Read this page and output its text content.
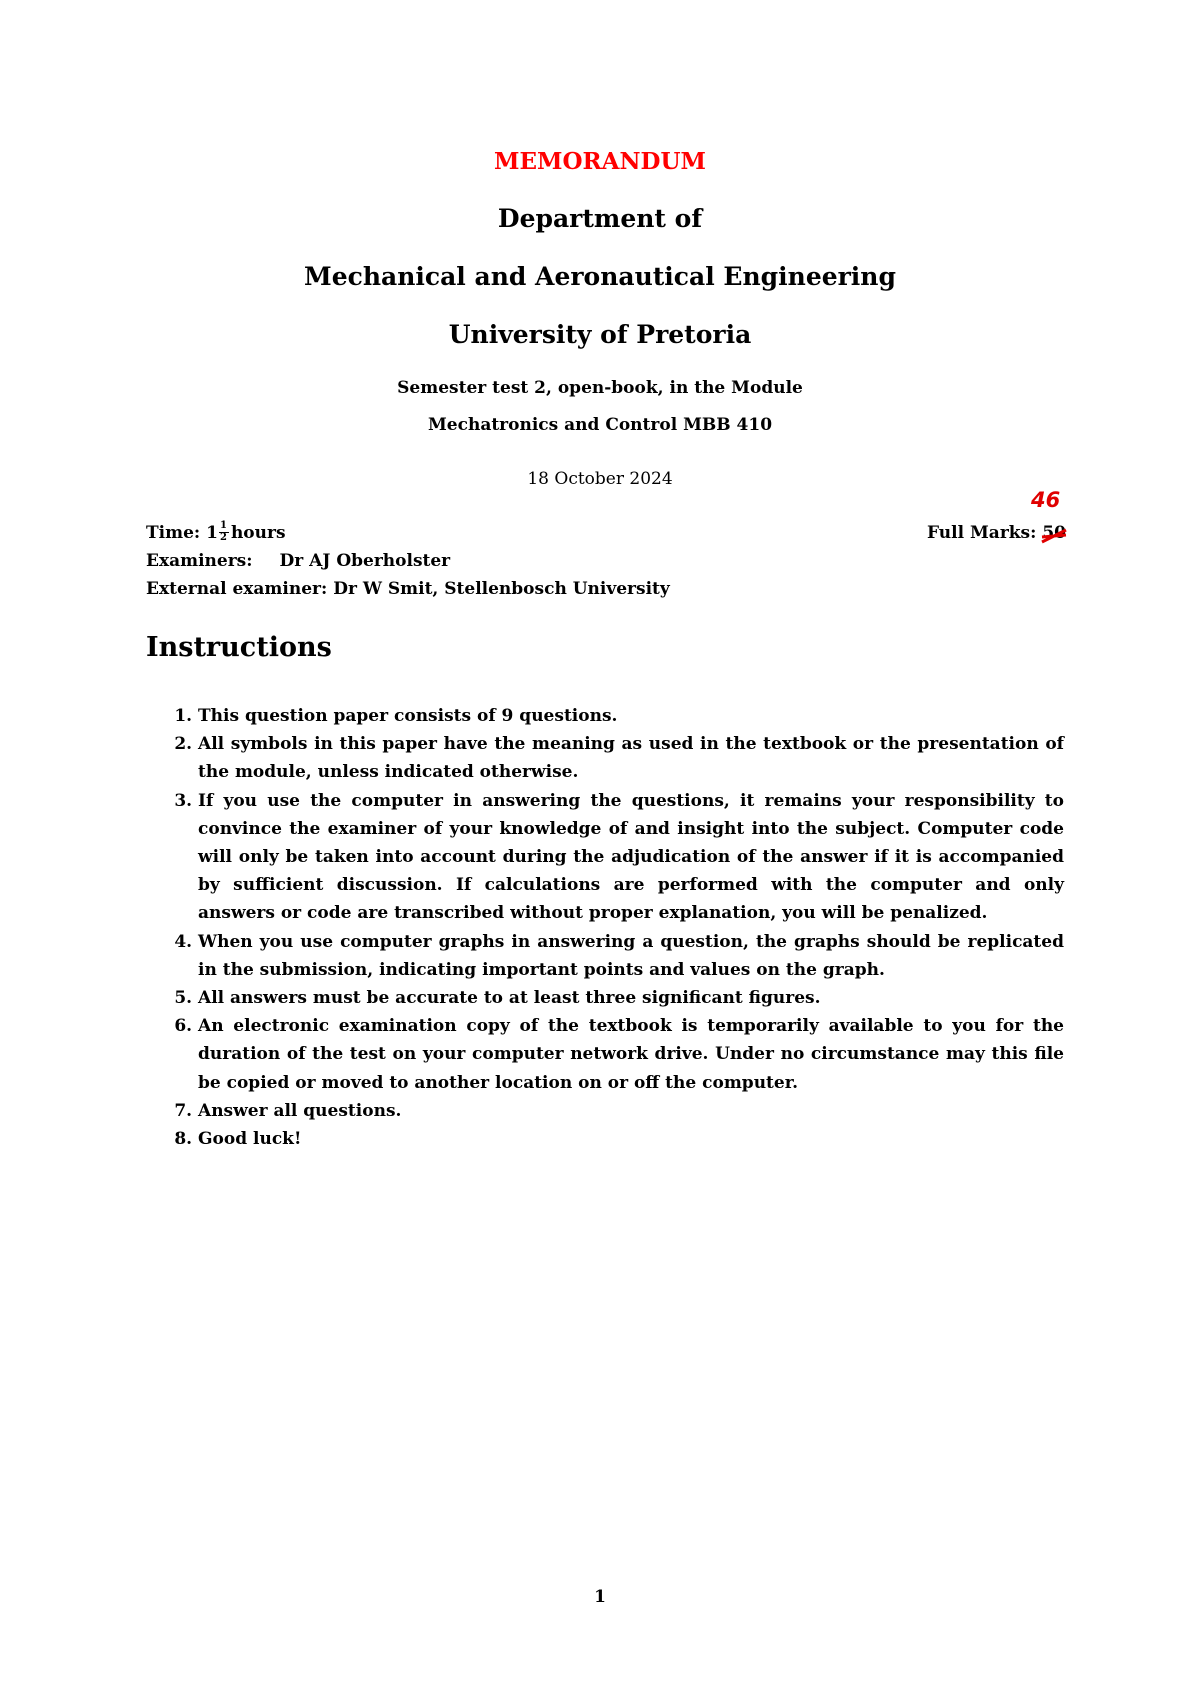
MEMORANDUM
Department of
Mechanical and Aeronautical Engineering
University of Pretoria
Semester test 2, open-book, in the Module
Mechatronics and Control MBB 410
18 October 2024
Time: $1 \frac{1}{2}$ hours	Full Marks: 50
46
Examiners: Dr AJ Oberholster
External examiner: Dr W Smit, Stellenbosch University
Instructions
1. This question paper consists of 9 questions.
2. All symbols in this paper have the meaning as used in the textbook or the presentation of the module, unless indicated otherwise.
3. If you use the computer in answering the questions, it remains your responsibility to convince the examiner of your knowledge of and insight into the subject. Computer code will only be taken into account during the adjudication of the answer if it is accompanied by sufficient discussion. If calculations are performed with the computer and only answers or code are transcribed without proper explanation, you will be penalized.
4. When you use computer graphs in answering a question, the graphs should be replicated in the submission, indicating important points and values on the graph.
5. All answers must be accurate to at least three significant figures.
6. An electronic examination copy of the textbook is temporarily available to you for the duration of the test on your computer network drive. Under no circumstance may this file be copied or moved to another location on or off the computer.
7. Answer all questions.
8. Good luck!
1
